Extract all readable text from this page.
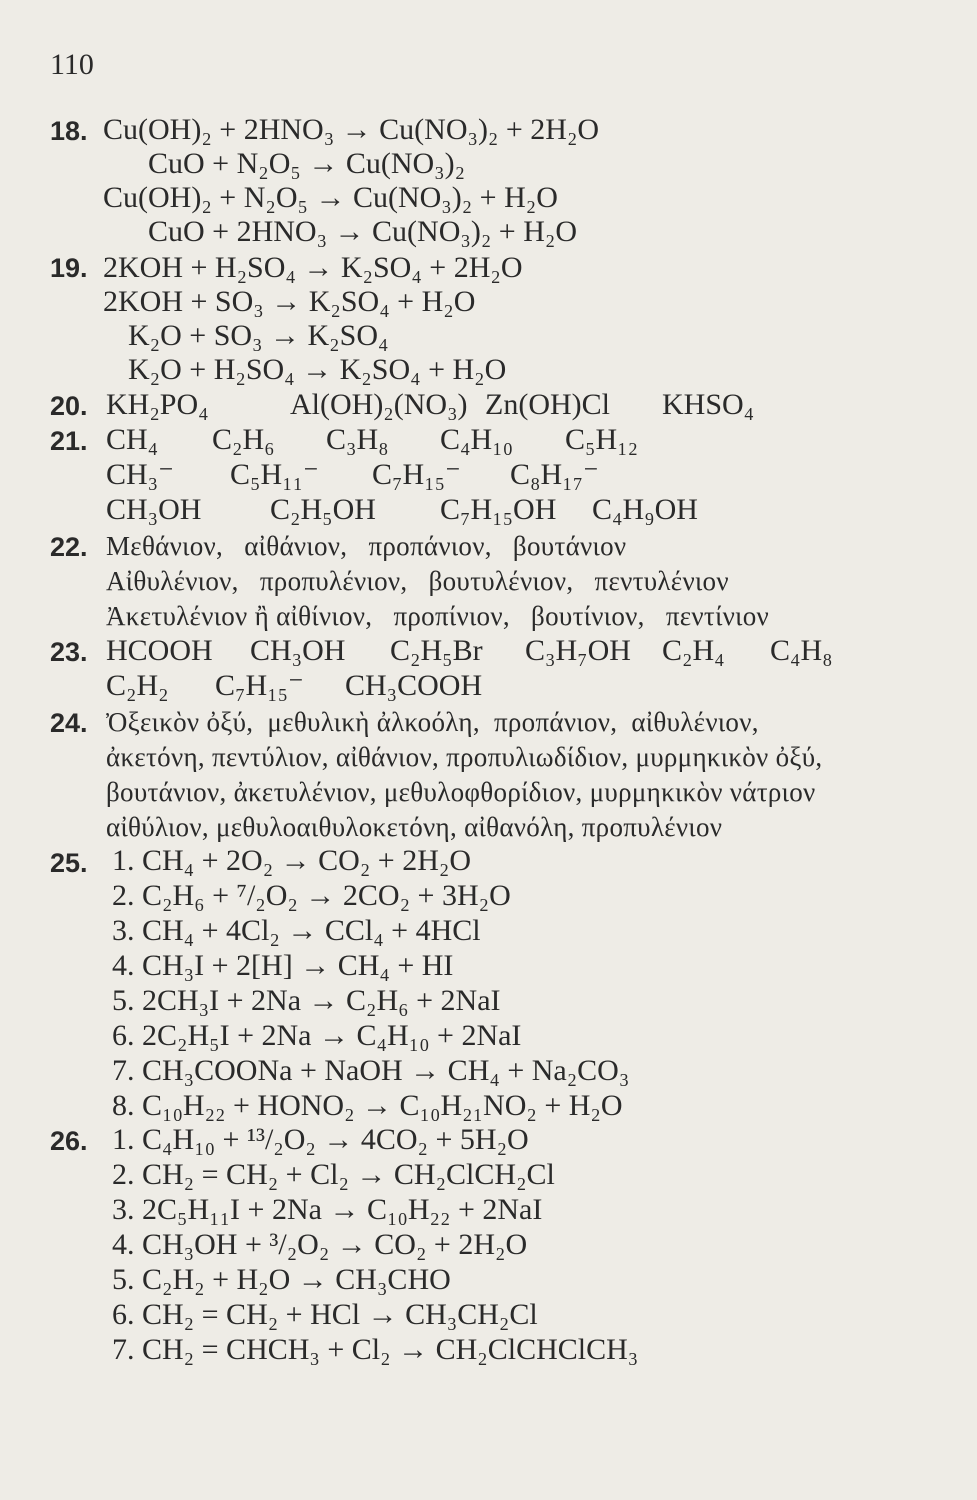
110
18. Cu(OH)₂ + 2HNO₃ → Cu(NO₃)₂ + 2H₂O
CuO + N₂O₅ → Cu(NO₃)₂
Cu(OH)₂ + N₂O₅ → Cu(NO₃)₂ + H₂O
CuO + 2HNO₃ → Cu(NO₃)₂ + H₂O
19. 2KOH + H₂SO₄ → K₂SO₄ + 2H₂O
2KOH + SO₃ → K₂SO₄ + H₂O
K₂O + SO₃ → K₂SO₄
K₂O + H₂SO₄ → K₂SO₄ + H₂O
20. KH₂PO₄	Al(OH)₂(NO₃) Zn(OH)Cl KHSO₄
21. CH₄ C₂H₆ C₃H₈ C₄H₁₀ C₅H₁₂
CH₃⁻ C₅H₁₁⁻ C₇H₁₅⁻ C₈H₁₇⁻
CH₃OH C₂H₅OH C₇H₁₅OH C₄H₉OH
22. Μεθάνιον,   αἰθάνιον,   προπάνιον,   βουτάνιον
Αἰθυλένιον,   προπυλένιον,   βουτυλένιον,   πεντυλένιον
Ἀκετυλένιον ἢ αἰθίνιον,   προπίνιον,   βουτίνιον,   πεντίνιον
23. HCOOH CH₃OH C₂H₅Br C₃H₇OH C₂H₄ C₄H₈
C₂H₂ C₇H₁₅⁻ CH₃COOH
24. Ὀξεικὸν ὀξύ,  μεθυλικὴ ἀλκοόλη,  προπάνιον,  αἰθυλένιον,
ἀκετόνη, πεντύλιον, αἰθάνιον, προπυλιωδίδιον, μυρμηκικὸν ὀξύ,
βουτάνιον, ἀκετυλένιον, μεθυλοφθορίδιον, μυρμηκικὸν νάτριον
αἰθύλιον, μεθυλοαιθυλοκετόνη, αἰθανόλη, προπυλένιον
25. 1. CH₄ + 2O₂ → CO₂ + 2H₂O
2. C₂H₆ + ⁷/₂O₂ → 2CO₂ + 3H₂O
3. CH₄ + 4Cl₂ → CCl₄ + 4HCl
4. CH₃I + 2[H] → CH₄ + HI
5. 2CH₃I + 2Na → C₂H₆ + 2NaI
6. 2C₂H₅I + 2Na → C₄H₁₀ + 2NaI
7. CH₃COONa + NaOH → CH₄ + Na₂CO₃
8. C₁₀H₂₂ + HONO₂ → C₁₀H₂₁NO₂ + H₂O
26. 1. C₄H₁₀ + ¹³/₂O₂ → 4CO₂ + 5H₂O
2. CH₂ = CH₂ + Cl₂ → CH₂ClCH₂Cl
3. 2C₅H₁₁I + 2Na → C₁₀H₂₂ + 2NaI
4. CH₃OH + ³/₂O₂ → CO₂ + 2H₂O
5. C₂H₂ + H₂O → CH₃CHO
6. CH₂ = CH₂ + HCl → CH₃CH₂Cl
7. CH₂ = CHCH₃ + Cl₂ → CH₂ClCHClCH₃
